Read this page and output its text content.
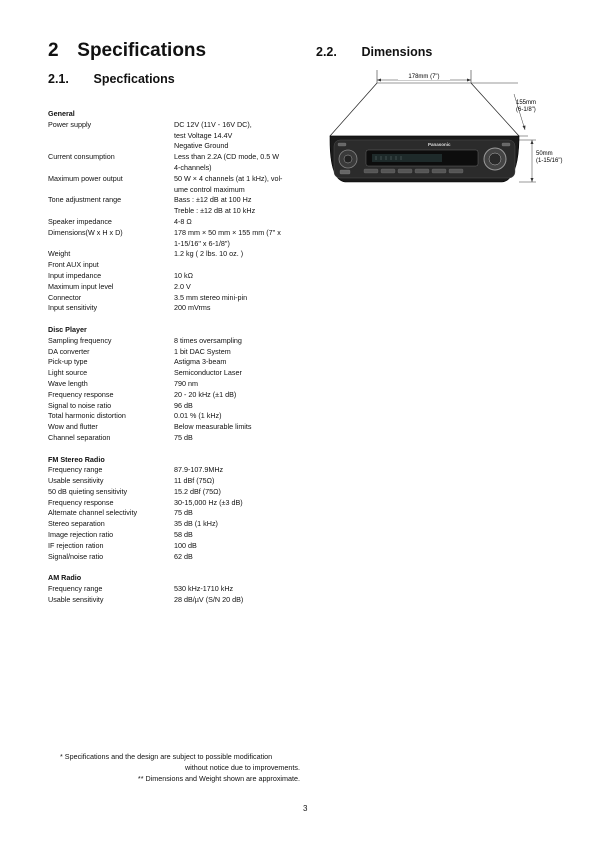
2 Specifications
2.1. Specfications
2.2. Dimensions
General
Power supply	DC 12V (11V - 16V DC),
test Voltage 14.4V
Negative Ground
Current consumption	Less than 2.2A (CD mode, 0.5 W
4-channels)
Maximum power output	50 W × 4 channels (at 1 kHz), vol-
ume control maximum
Tone adjustment range	Bass : ±12 dB at 100 Hz
Treble : ±12 dB at 10 kHz
Speaker impedance	4-8 Ω
Dimensions(W x H x D)	178 mm × 50 mm × 155 mm (7" x
1-15/16" x 6-1/8")
Weight	1.2 kg ( 2 lbs. 10 oz. )
Front AUX input
Input impedance	10 kΩ
Maximum input level	2.0 V
Connector	3.5 mm stereo mini-pin
Input sensitivity	200 mVrms
Disc Player
Sampling frequency	8 times oversampling
DA converter	1 bit DAC System
Pick-up type	Astigma 3-beam
Light source	Semiconductor Laser
Wave length	790 nm
Frequency response	20 - 20 kHz (±1 dB)
Signal to noise ratio	96 dB
Total harmonic distortion	0.01 % (1 kHz)
Wow and flutter	Below measurable limits
Channel separation	75 dB
FM Stereo Radio
Frequency range	87.9-107.9MHz
Usable sensitivity	11 dBf (75Ω)
50 dB quieting sensitivity	15.2 dBf (75Ω)
Frequency response	30-15,000 Hz (±3 dB)
Alternate channel selectivity	75 dB
Stereo separation	35 dB (1 kHz)
Image rejection ratio	58 dB
IF rejection ration	100 dB
Signal/noise ratio	62 dB
AM Radio
Frequency range	530 kHz-1710 kHz
Usable sensitivity	28 dB/µV (S/N 20 dB)
178mm (7")
155mm
(6-1/8")
Panasonic
50mm
(1-15/16")
* Specifications and the design are subject to possible modification
without notice due to improvements.
** Dimensions and Weight shown are approximate.
3
